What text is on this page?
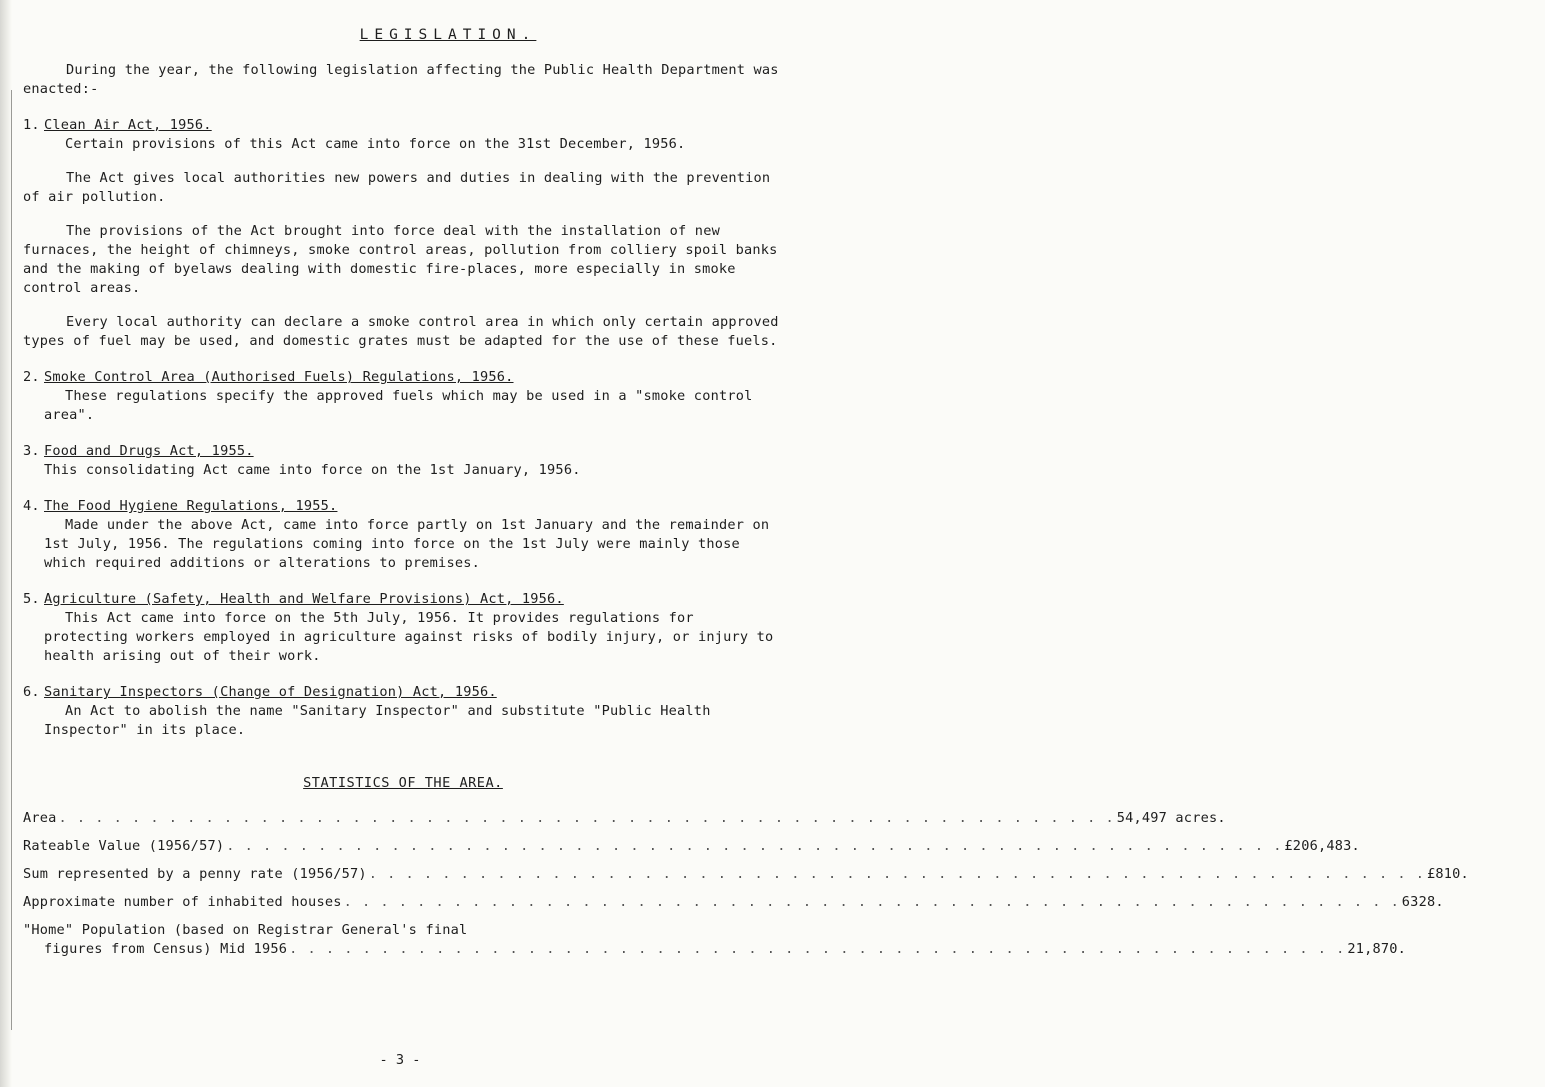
LEGISLATION.

During the year, the following legislation affecting the Public Health Department was enacted:-

1. Clean Air Act, 1956.

Certain provisions of this Act came into force on the 31st December, 1956.

The Act gives local authorities new powers and duties in dealing with the prevention of air pollution.

The provisions of the Act brought into force deal with the installation of new furnaces, the height of chimneys, smoke control areas, pollution from colliery spoil banks and the making of byelaws dealing with domestic fire-places, more especially in smoke control areas.

Every local authority can declare a smoke control area in which only certain approved types of fuel may be used, and domestic grates must be adapted for the use of these fuels.

2. Smoke Control Area (Authorised Fuels) Regulations, 1956.

These regulations specify the approved fuels which may be used in a "smoke control area".

3. Food and Drugs Act, 1955.

This consolidating Act came into force on the 1st January, 1956.

4. The Food Hygiene Regulations, 1955.

Made under the above Act, came into force partly on 1st January and the remainder on 1st July, 1956. The regulations coming into force on the 1st July were mainly those which required additions or alterations to premises.

5. Agriculture (Safety, Health and Welfare Provisions) Act, 1956.

This Act came into force on the 5th July, 1956. It provides regulations for protecting workers employed in agriculture against risks of bodily injury, or injury to health arising out of their work.

6. Sanitary Inspectors (Change of Designation) Act, 1956.

An Act to abolish the name "Sanitary Inspector" and substitute "Public Health Inspector" in its place.

STATISTICS OF THE AREA.
Area . . . . . . . . . . . . . . . . . . . . . . . . . . . . . . . . . . . . . . . . . . . . . . . . . . . . . . . . . . 54,497 acres.
Rateable Value (1956/57) . . . . . . . . . . . . . . . . . . . . . . . . . . . . . . . . . . . . . . . . . . . . . . . . . . . . . . . . . . £206,483.
Sum represented by a penny rate (1956/57) . . . . . . . . . . . . . . . . . . . . . . . . . . . . . . . . . . . . . . . . . . . . . . . . . . . . . . . . . . £810.
Approximate number of inhabited houses . . . . . . . . . . . . . . . . . . . . . . . . . . . . . . . . . . . . . . . . . . . . . . . . . . . . . . . . . . 6328.
"Home" Population (based on Registrar General's final
figures from Census) Mid 1956 . . . . . . . . . . . . . . . . . . . . . . . . . . . . . . . . . . . . . . . . . . . . . . . . . . . . . . . . . . 21,870.
- 3 -
